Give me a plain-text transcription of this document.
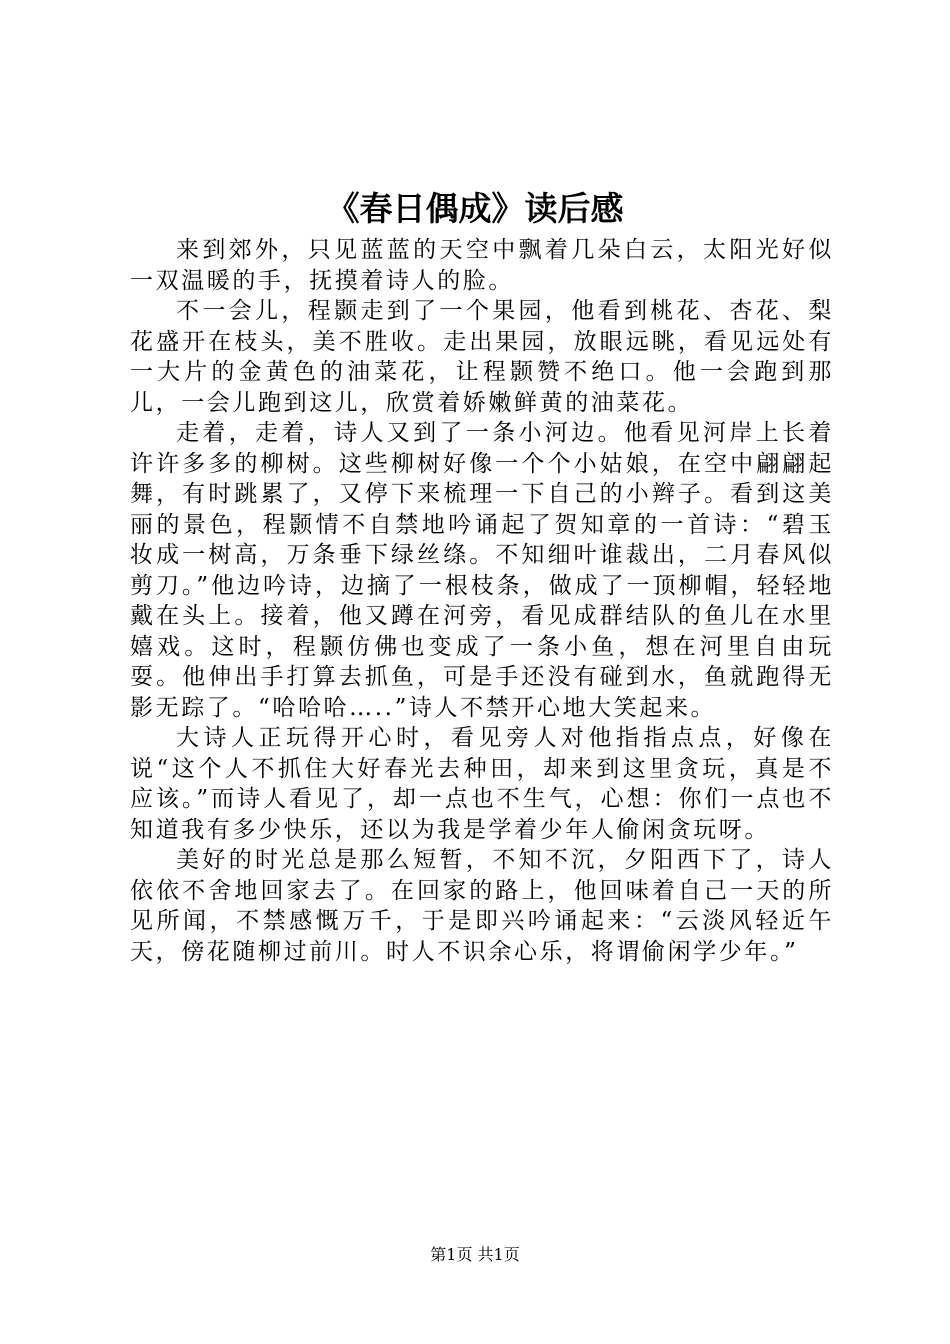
《春日偶成》读后感

来到郊外，只见蓝蓝的天空中飘着几朵白云，太阳光好似一双温暖的手，抚摸着诗人的脸。

不一会儿，程颢走到了一个果园，他看到桃花、杏花、梨花盛开在枝头，美不胜收。走出果园，放眼远眺，看见远处有一大片的金黄色的油菜花，让程颢赞不绝口。他一会跑到那儿，一会儿跑到这儿，欣赏着娇嫩鲜黄的油菜花。

走着，走着，诗人又到了一条小河边。他看见河岸上长着许许多多的柳树。这些柳树好像一个个小姑娘，在空中翩翩起舞，有时跳累了，又停下来梳理一下自己的小辫子。看到这美丽的景色，程颢情不自禁地吟诵起了贺知章的一首诗：“碧玉妆成一树高，万条垂下绿丝绦。不知细叶谁裁出，二月春风似剪刀。”他边吟诗，边摘了一根枝条，做成了一顶柳帽，轻轻地戴在头上。接着，他又蹲在河旁，看见成群结队的鱼儿在水里嬉戏。这时，程颢仿佛也变成了一条小鱼，想在河里自由玩耍。他伸出手打算去抓鱼，可是手还没有碰到水，鱼就跑得无影无踪了。“哈哈哈…..”诗人不禁开心地大笑起来。

大诗人正玩得开心时，看见旁人对他指指点点，好像在说“这个人不抓住大好春光去种田，却来到这里贪玩，真是不应该。”而诗人看见了，却一点也不生气，心想：你们一点也不知道我有多少快乐，还以为我是学着少年人偷闲贪玩呀。

美好的时光总是那么短暂，不知不沉，夕阳西下了，诗人依依不舍地回家去了。在回家的路上，他回味着自己一天的所见所闻，不禁感慨万千，于是即兴吟诵起来：“云淡风轻近午天，傍花随柳过前川。时人不识余心乐，将谓偷闲学少年。”

第1页 共1页
